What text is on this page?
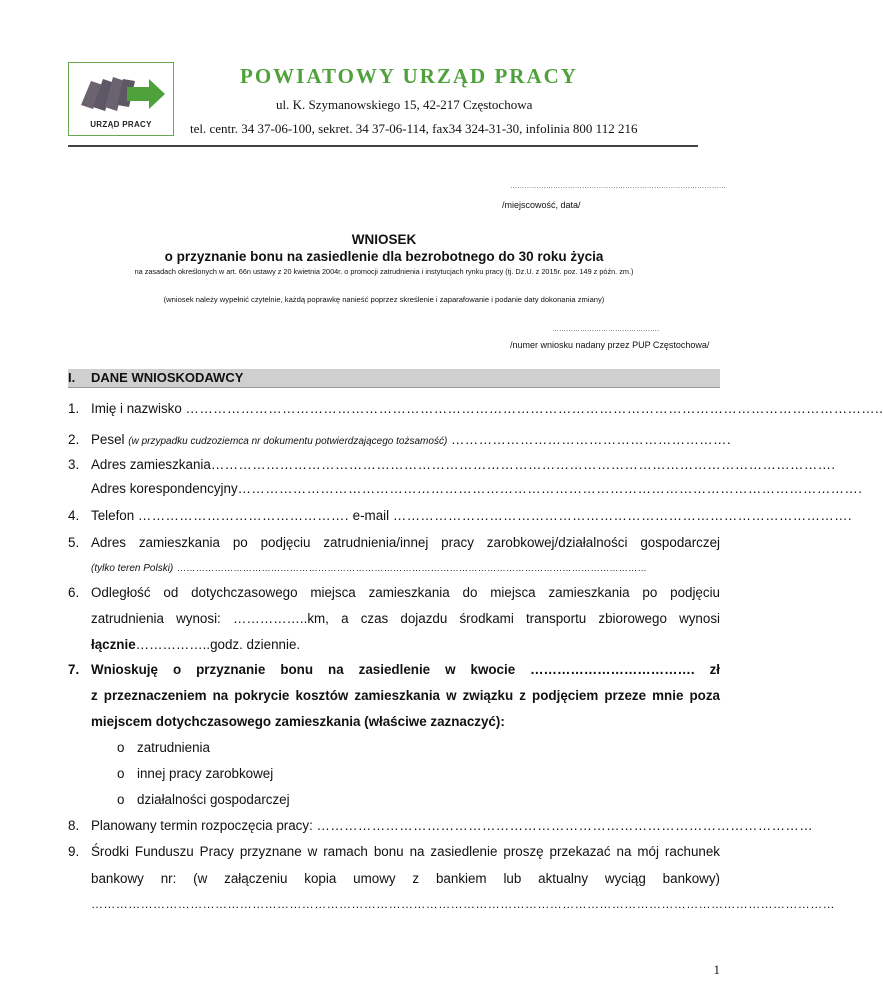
URZĄD PRACY
POWIATOWY URZĄD PRACY
ul. K. Szymanowskiego 15, 42-217 Częstochowa
tel. centr. 34 37-06-100, sekret. 34 37-06-114, fax34 324-31-30, infolinia 800 112 216
………………………………………………………………………………
/miejscowość, data/
WNIOSEK
o przyznanie bonu na zasiedlenie dla bezrobotnego do 30 roku życia
na zasadach określonych w art. 66n ustawy z 20 kwietnia 2004r. o promocji zatrudnienia i instytucjach rynku pracy (tj. Dz.U. z 2015r. poz. 149 z późn. zm.)
(wniosek należy wypełnić czytelnie, każdą poprawkę nanieść poprzez skreślenie i zaparafowanie i podanie daty dokonania zmiany)
……………………………………….
/numer wniosku nadany przez PUP Częstochowa/
I. DANE WNIOSKODAWCY
1. Imię i nazwisko ……………………………………………………………………………………………………………………………………..
2. Pesel (w przypadku cudzoziemca nr dokumentu potwierdzającego tożsamość) …………………………………………………….
3. Adres zamieszkania……………………………………………………………………………………………………………………….
Adres korespondencyjny……………………………………………………………………………………………………………………….
4. Telefon ………………………………………. e-mail ……………………………………………………………………………………….
5. Adres zamieszkania po podjęciu zatrudnienia/innej pracy zarobkowej/działalności gospodarczej
(tylko teren Polski) ……………………………………………………………………………………………………………………………………
6. Odległość od dotychczasowego miejsca zamieszkania do miejsca zamieszkania po podjęciu
zatrudnienia wynosi: ……………..km, a czas dojazdu środkami transportu zbiorowego wynosi
łącznie……………..godz. dziennie.
7. Wnioskuję o przyznanie bonu na zasiedlenie w kwocie ………………………………. zł
z przeznaczeniem na pokrycie kosztów zamieszkania w związku z podjęciem przeze mnie poza
miejscem dotychczasowego zamieszkania (właściwe zaznaczyć):
o zatrudnienia
o innej pracy zarobkowej
o działalności gospodarczej
8. Planowany termin rozpoczęcia pracy: ………………………………………………………………………………………………
9. Środki Funduszu Pracy przyznane w ramach bonu na zasiedlenie proszę przekazać na mój rachunek
bankowy nr: (w załączeniu kopia umowy z bankiem lub aktualny wyciąg bankowy)
………………………………………………………………………………………………………………………………………………………………
1
